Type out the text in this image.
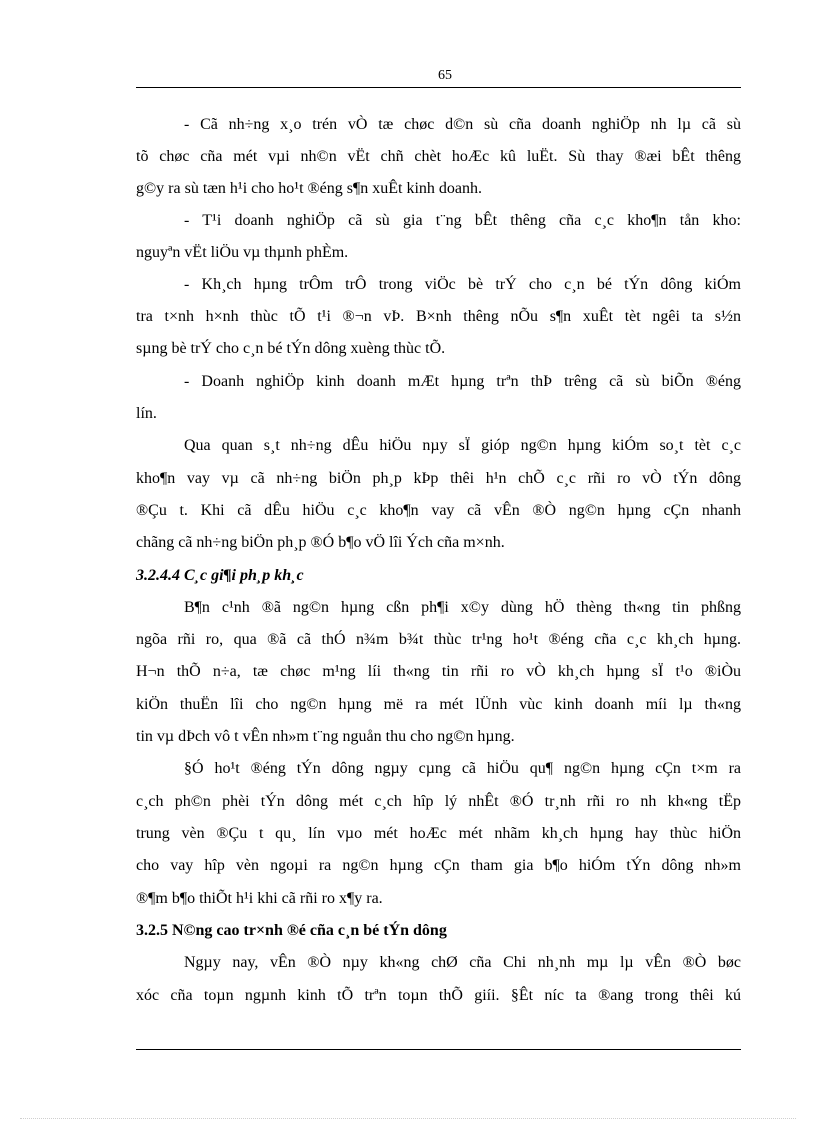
65
- Cã nh÷ng x¸o trén vÒ tæ chøc d©n sù cña doanh nghiÖp nh lµ cã sù
tõ chøc cña mét vµi nh©n vËt chñ chèt hoÆc kû luËt. Sù thay ®æi bÊt thêng
g©y ra sù tæn h¹i cho ho¹t ®éng s¶n xuÊt kinh doanh.
- T¹i doanh nghiÖp cã sù gia t¨ng bÊt thêng cña c¸c kho¶n tån kho:
nguyªn vËt liÖu vµ thµnh phÈm.
- Kh¸ch hµng trÔm trÔ trong viÖc bè trÝ cho c¸n bé tÝn dông kiÓm
tra t×nh h×nh thùc tÕ t¹i ®¬n vÞ. B×nh thêng nÕu s¶n xuÊt tèt ngêi ta s½n
sµng bè trÝ cho c¸n bé tÝn dông xuèng thùc tÕ.
- Doanh nghiÖp kinh doanh mÆt hµng trªn thÞ trêng cã sù biÕn ®éng
lín.
Qua quan s¸t nh÷ng dÊu hiÖu nµy sÏ gióp ng©n hµng kiÓm so¸t tèt c¸c
kho¶n vay vµ cã nh÷ng biÖn ph¸p kÞp thêi h¹n chÕ c¸c rñi ro vÒ tÝn dông
®Çu t. Khi cã dÊu hiÖu c¸c kho¶n vay cã vÊn ®Ò ng©n hµng cÇn nhanh
chãng cã nh÷ng biÖn ph¸p ®Ó b¶o vÖ lîi Ých cña m×nh.
3.2.4.4 C¸c gi¶i ph¸p kh¸c
B¶n c¹nh ®ã ng©n hµng cßn ph¶i x©y dùng hÖ thèng th«ng tin phßng
ngõa rñi ro, qua ®ã cã thÓ n¾m b¾t thùc tr¹ng ho¹t ®éng cña c¸c kh¸ch hµng.
H¬n thÕ n÷a, tæ chøc m¹ng líi th«ng tin rñi ro vÒ kh¸ch hµng sÏ t¹o ®iÒu
kiÖn thuËn lîi cho ng©n hµng më ra mét lÜnh vùc kinh doanh míi lµ th«ng
tin vµ dÞch vô t vÊn nh»m t¨ng nguån thu cho ng©n hµng.
§Ó ho¹t ®éng tÝn dông ngµy cµng cã hiÖu qu¶ ng©n hµng cÇn t×m ra
c¸ch ph©n phèi tÝn dông mét c¸ch hîp lý nhÊt ®Ó tr¸nh rñi ro nh kh«ng tËp
trung vèn ®Çu t qu¸ lín vµo mét hoÆc mét nhãm kh¸ch hµng hay thùc hiÖn
cho vay hîp vèn ngoµi ra ng©n hµng cÇn tham gia b¶o hiÓm tÝn dông nh»m
®¶m b¶o thiÕt h¹i khi cã rñi ro x¶y ra.
3.2.5 N©ng cao tr×nh ®é cña c¸n bé tÝn dông
Ngµy nay, vÊn ®Ò nµy kh«ng chØ cña Chi nh¸nh mµ lµ vÊn ®Ò bøc
xóc cña toµn ngµnh kinh tÕ trªn toµn thÕ giíi. §Êt níc ta ®ang trong thêi kú
